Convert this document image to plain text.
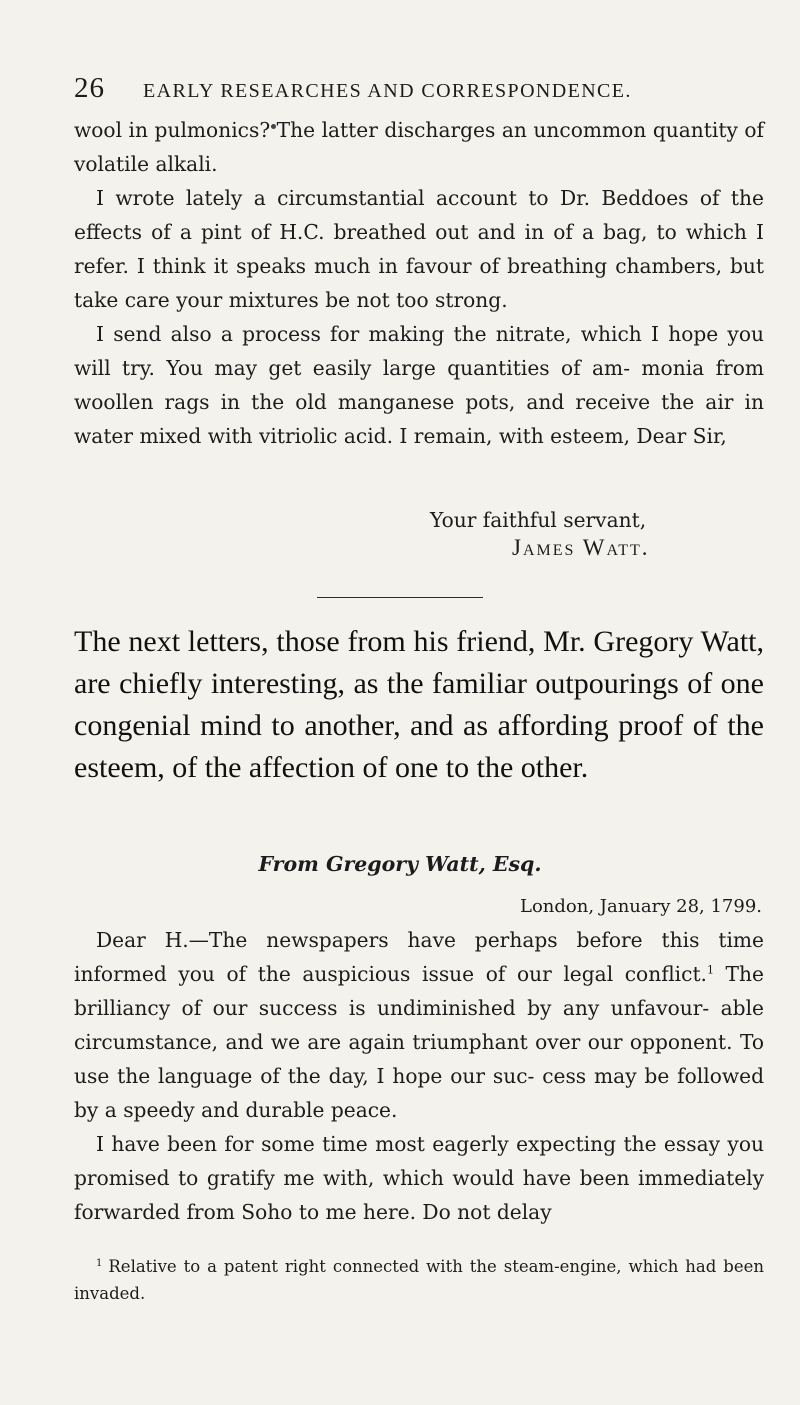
26 EARLY RESEARCHES AND CORRESPONDENCE.

wool in pulmonics? The latter discharges an uncommon quantity of volatile alkali.

I wrote lately a circumstantial account to Dr. Beddoes of the effects of a pint of H.C. breathed out and in of a bag, to which I refer. I think it speaks much in favour of breathing chambers, but take care your mixtures be not too strong.

I send also a process for making the nitrate, which I hope you will try. You may get easily large quantities of am- monia from woollen rags in the old manganese pots, and receive the air in water mixed with vitriolic acid. I remain, with esteem, Dear Sir,

Your faithful servant,
James Watt.

The next letters, those from his friend, Mr. Gregory Watt, are chiefly interesting, as the familiar outpourings of one congenial mind to another, and as affording proof of the esteem, of the affection of one to the other.

From Gregory Watt, Esq.
London, January 28, 1799.

Dear H.—The newspapers have perhaps before this time informed you of the auspicious issue of our legal conflict.$^1$ The brilliancy of our success is undiminished by any unfavour- able circumstance, and we are again triumphant over our opponent. To use the language of the day, I hope our suc- cess may be followed by a speedy and durable peace.

I have been for some time most eagerly expecting the essay you promised to gratify me with, which would have been immediately forwarded from Soho to me here. Do not delay

$^1$ Relative to a patent right connected with the steam-engine, which had been invaded.
